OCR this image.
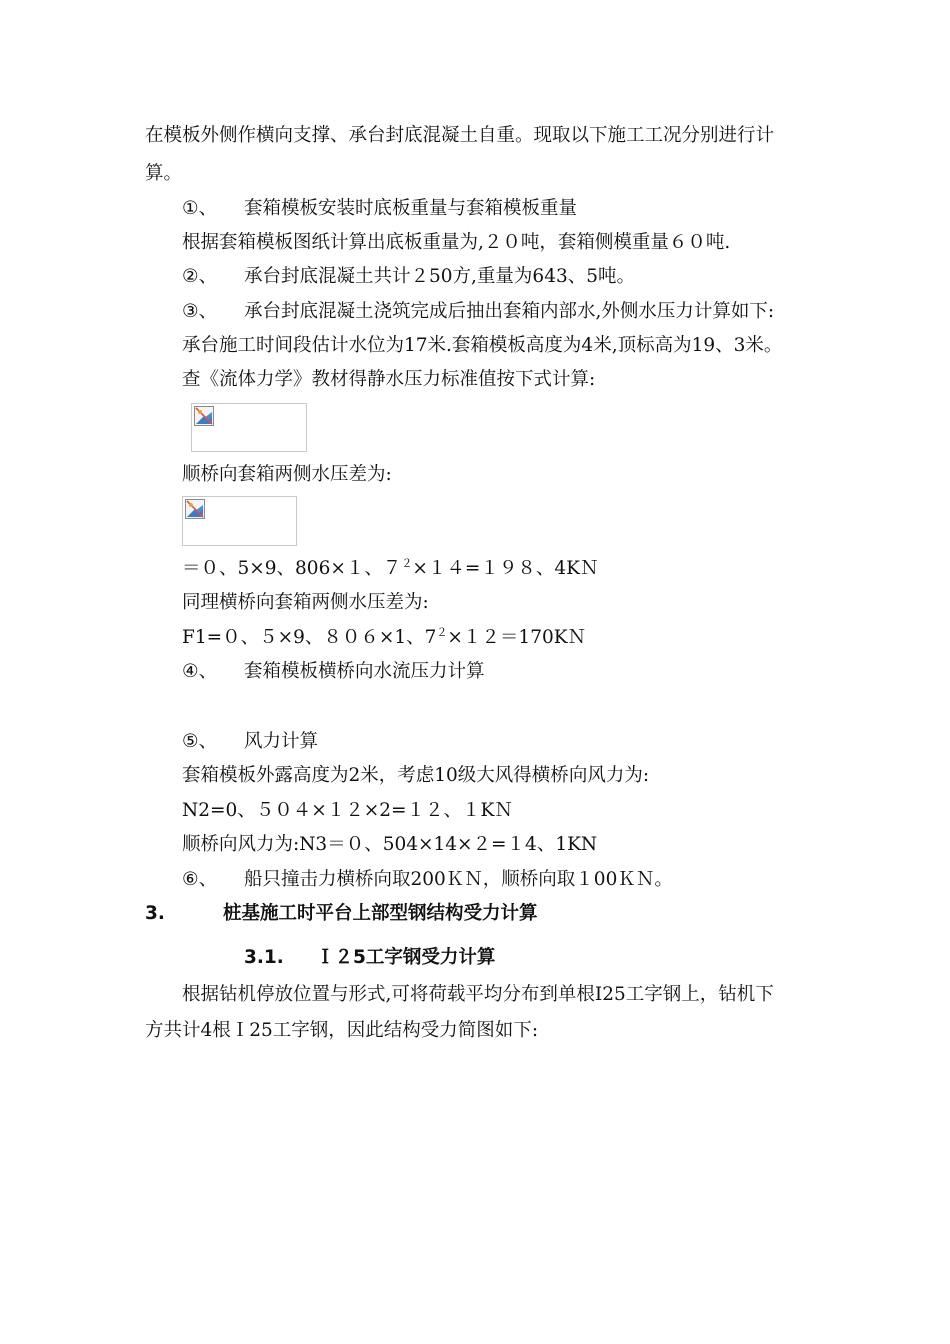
在模板外侧作横向支撑、承台封底混凝土自重。现取以下施工工况分别进行计
算。
①、 套箱模板安装时底板重量与套箱模板重量
根据套箱模板图纸计算出底板重量为,２０吨，套箱侧模重量６０吨.
②、 承台封底混凝土共计２50方,重量为643、5吨。
③、 承台封底混凝土浇筑完成后抽出套箱内部水,外侧水压力计算如下:
承台施工时间段估计水位为17米.套箱模板高度为4米,顶标高为19、3米。
查《流体力学》教材得静水压力标准值按下式计算:
顺桥向套箱两侧水压差为:
＝０、5×9、806×１、$7^2\times 14=198$、4KＮ
同理横桥向套箱两侧水压差为:
F1=０、５×9、８０６×1、$7^2\times 12=170KN$
④、 套箱模板横桥向水流压力计算
⑤、 风力计算
套箱模板外露高度为2米，考虑10级大风得横桥向风力为:
N2=0、５０４×１２×2=１２、１KＮ
顺桥向风力为:N3＝０、504×14×２=１4、1KN
⑥、 船只撞击力横桥向取200ＫＮ，顺桥向取１00ＫＮ。
3.	桩基施工时平台上部型钢结构受力计算
3.1. Ｉ２5工字钢受力计算
根据钻机停放位置与形式,可将荷载平均分布到单根I25工字钢上，钻机下
方共计4根Ｉ25工字钢，因此结构受力简图如下:
